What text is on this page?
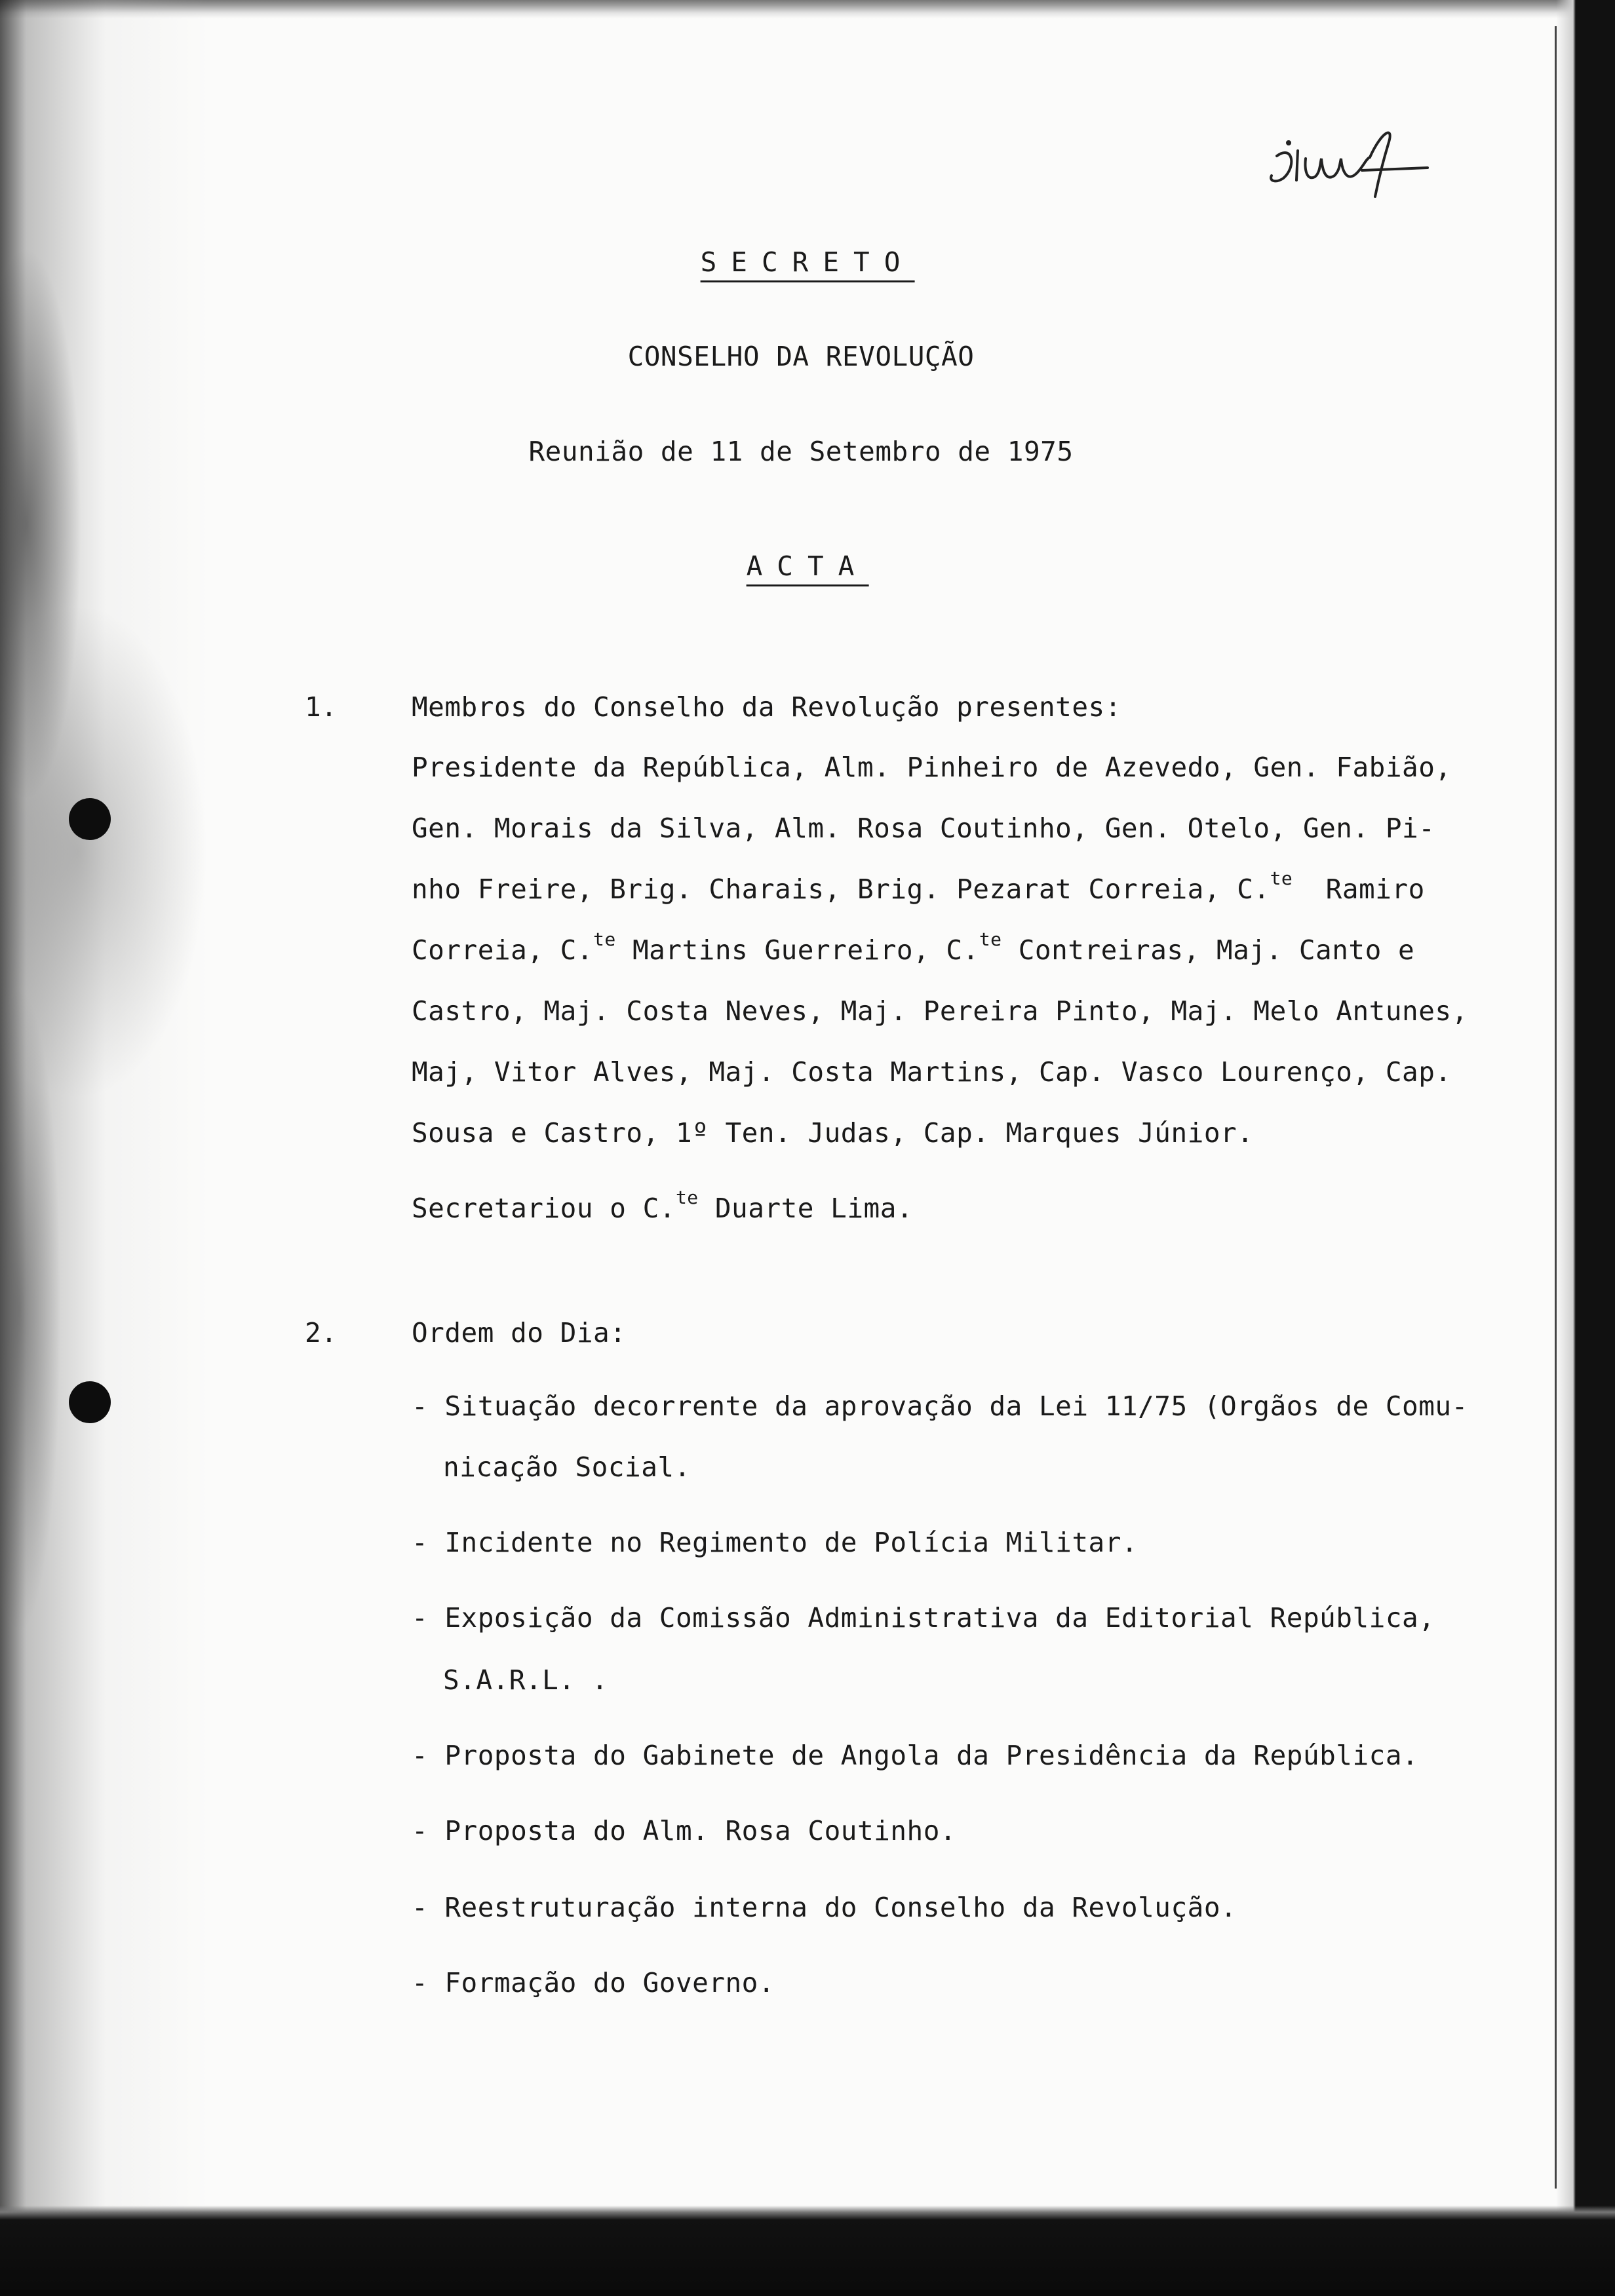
SECRETO
CONSELHO DA REVOLUÇÃO
Reunião de 11 de Setembro de 1975
ACTA
1.	Membros do Conselho da Revolução presentes:
Presidente da República, Alm. Pinheiro de Azevedo, Gen. Fabião,
Gen. Morais da Silva, Alm. Rosa Coutinho, Gen. Otelo, Gen. Pi-
nho Freire, Brig. Charais, Brig. Pezarat Correia, C.$^{te}$ Ramiro
Correia, C.$^{te}$ Martins Guerreiro, C.$^{te}$ Contreiras, Maj. Canto e
Castro, Maj. Costa Neves, Maj. Pereira Pinto, Maj. Melo Antunes,
Maj, Vitor Alves, Maj. Costa Martins, Cap. Vasco Lourenço, Cap.
Sousa e Castro, 1º Ten. Judas, Cap. Marques Júnior.
Secretariou o C.$^{te}$ Duarte Lima.
2.	Ordem do Dia:
- Situação decorrente da aprovação da Lei 11/75 (Orgãos de Comu-
nicação Social.
- Incidente no Regimento de Polícia Militar.
- Exposição da Comissão Administrativa da Editorial República,
S.A.R.L. .
- Proposta do Gabinete de Angola da Presidência da República.
- Proposta do Alm. Rosa Coutinho.
- Reestruturação interna do Conselho da Revolução.
- Formação do Governo.
